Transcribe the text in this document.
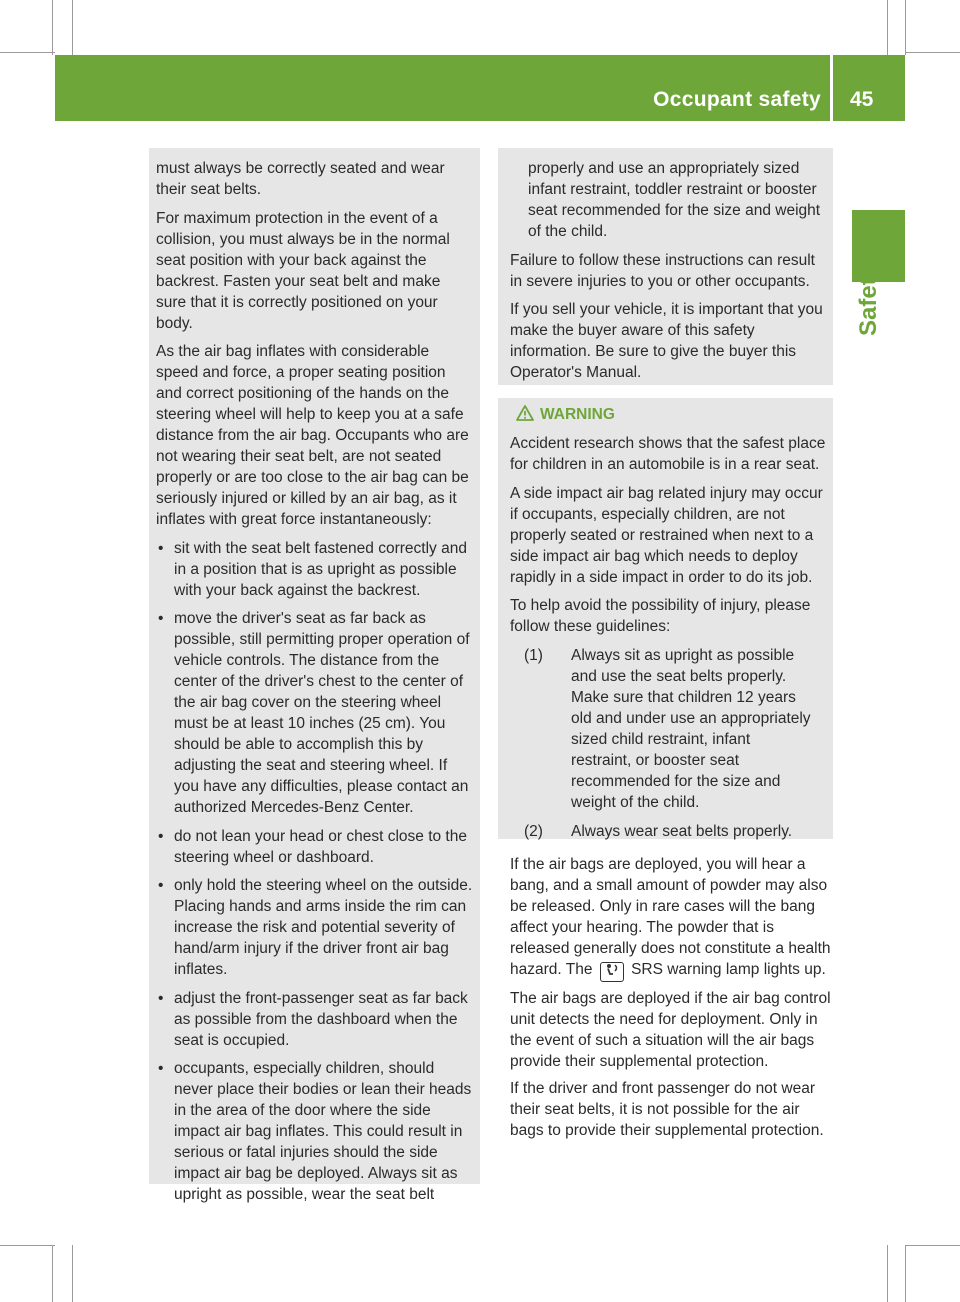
Occupant safety 45
Safety

must always be correctly seated and wear their seat belts.

For maximum protection in the event of a collision, you must always be in the normal seat position with your back against the backrest. Fasten your seat belt and make sure that it is correctly positioned on your body.

As the air bag inflates with considerable speed and force, a proper seating position and correct positioning of the hands on the steering wheel will help to keep you at a safe distance from the air bag. Occupants who are not wearing their seat belt, are not seated properly or are too close to the air bag can be seriously injured or killed by an air bag, as it inflates with great force instantaneously:

• sit with the seat belt fastened correctly and in a position that is as upright as possible with your back against the backrest.

• move the driver's seat as far back as possible, still permitting proper operation of vehicle controls. The distance from the center of the driver's chest to the center of the air bag cover on the steering wheel must be at least 10 inches (25 cm). You should be able to accomplish this by adjusting the seat and steering wheel. If you have any difficulties, please contact an authorized Mercedes-Benz Center.

• do not lean your head or chest close to the steering wheel or dashboard.

• only hold the steering wheel on the outside. Placing hands and arms inside the rim can increase the risk and potential severity of hand/arm injury if the driver front air bag inflates.

• adjust the front-passenger seat as far back as possible from the dashboard when the seat is occupied.

• occupants, especially children, should never place their bodies or lean their heads in the area of the door where the side impact air bag inflates. This could result in serious or fatal injuries should the side impact air bag be deployed. Always sit as upright as possible, wear the seat belt

properly and use an appropriately sized infant restraint, toddler restraint or booster seat recommended for the size and weight of the child.

Failure to follow these instructions can result in severe injuries to you or other occupants.

If you sell your vehicle, it is important that you make the buyer aware of this safety information. Be sure to give the buyer this Operator's Manual.

WARNING

Accident research shows that the safest place for children in an automobile is in a rear seat.

A side impact air bag related injury may occur if occupants, especially children, are not properly seated or restrained when next to a side impact air bag which needs to deploy rapidly in a side impact in order to do its job.

To help avoid the possibility of injury, please follow these guidelines:

(1) Always sit as upright as possible and use the seat belts properly. Make sure that children 12 years old and under use an appropriately sized child restraint, infant restraint, or booster seat recommended for the size and weight of the child.

(2) Always wear seat belts properly.

If the air bags are deployed, you will hear a bang, and a small amount of powder may also be released. Only in rare cases will the bang affect your hearing. The powder that is released generally does not constitute a health hazard. The SRS warning lamp lights up.

The air bags are deployed if the air bag control unit detects the need for deployment. Only in the event of such a situation will the air bags provide their supplemental protection.

If the driver and front passenger do not wear their seat belts, it is not possible for the air bags to provide their supplemental protection.
